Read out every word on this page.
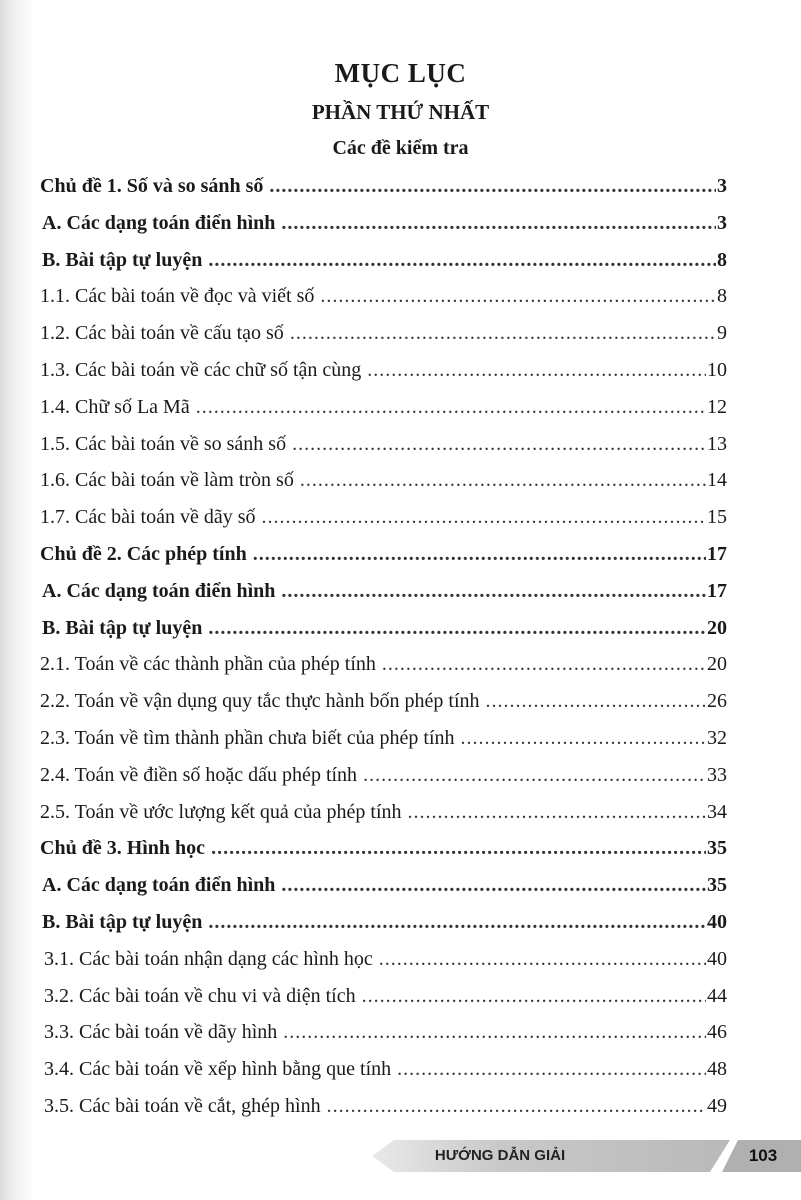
MỤC LỤC
PHẦN THỨ NHẤT
Các đề kiểm tra
Chủ đề 1. Số và so sánh số .....	3
A. Các dạng toán điển hình .....	3
B. Bài tập tự luyện .....	8
1.1. Các bài toán về đọc và viết số .....	8
1.2. Các bài toán về cấu tạo số .....	9
1.3. Các bài toán về các chữ số tận cùng .....	10
1.4. Chữ số La Mã .....	12
1.5. Các bài toán về so sánh số .....	13
1.6. Các bài toán về làm tròn số .....	14
1.7. Các bài toán về dãy số .....	15
Chủ đề 2. Các phép tính .....	17
A. Các dạng toán điển hình .....	17
B. Bài tập tự luyện .....	20
2.1. Toán về các thành phần của phép tính .....	20
2.2. Toán về vận dụng quy tắc thực hành bốn phép tính .....	26
2.3. Toán về tìm thành phần chưa biết của phép tính .....	32
2.4. Toán về điền số hoặc dấu phép tính .....	33
2.5. Toán về ước lượng kết quả của phép tính .....	34
Chủ đề 3. Hình học .....	35
A. Các dạng toán điển hình .....	35
B. Bài tập tự luyện .....	40
3.1. Các bài toán nhận dạng các hình học .....	40
3.2. Các bài toán về chu vi và diện tích .....	44
3.3. Các bài toán về dãy hình .....	46
3.4. Các bài toán về xếp hình bằng que tính .....	48
3.5. Các bài toán về cắt, ghép hình .....	49
HƯỚNG DẪN GIẢI	103
